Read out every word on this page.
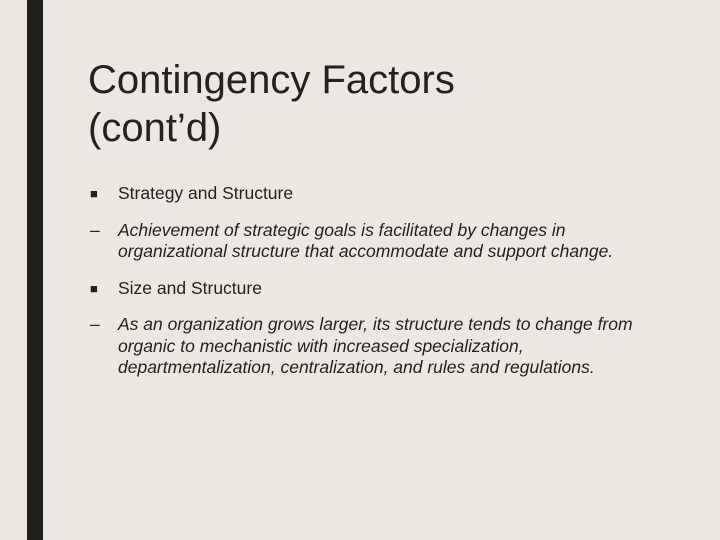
Contingency Factors
(cont’d)
■	Strategy and Structure
–	Achievement of strategic goals is facilitated by changes in organizational structure that accommodate and support change.
■	Size and Structure
–	As an organization grows larger, its structure tends to change from organic to mechanistic with increased specialization, departmentalization, centralization, and rules and regulations.
